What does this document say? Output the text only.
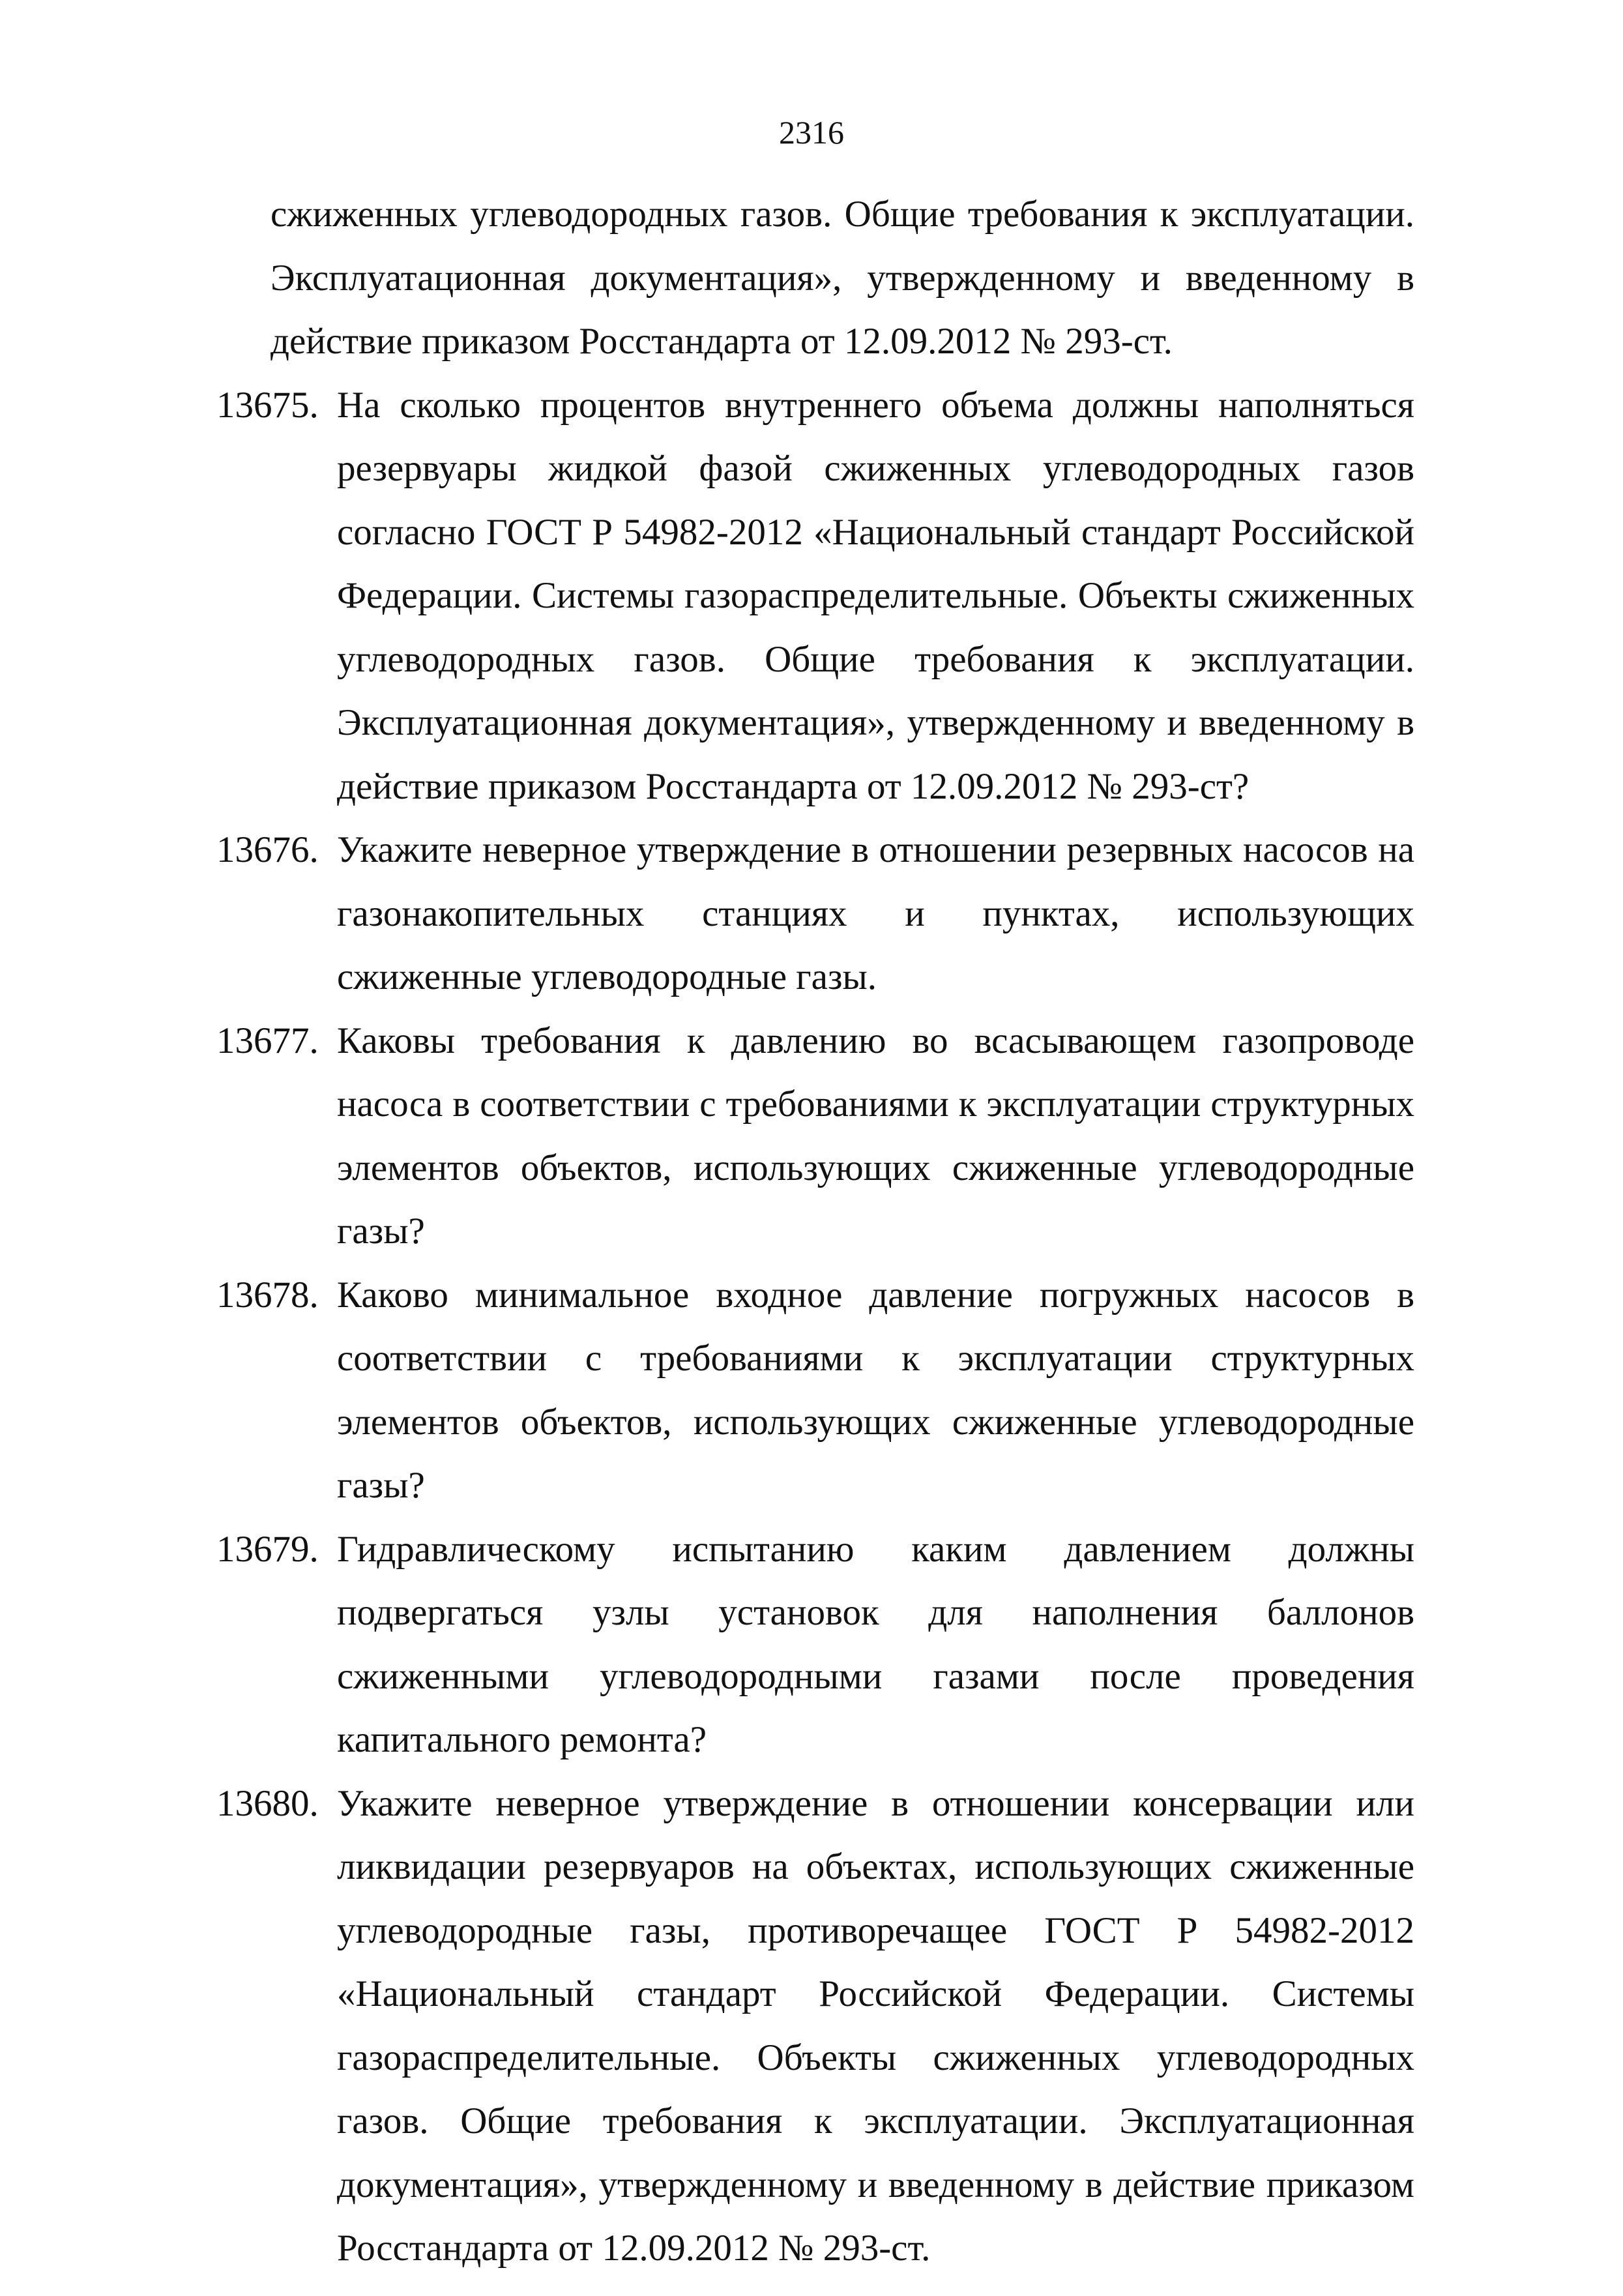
2316
сжиженных углеводородных газов. Общие требования к эксплуатации. Эксплуатационная документация», утвержденному и введенному в действие приказом Росстандарта от 12.09.2012 № 293-ст.
13675. На сколько процентов внутреннего объема должны наполняться резервуары жидкой фазой сжиженных углеводородных газов согласно ГОСТ Р 54982-2012 «Национальный стандарт Российской Федерации. Системы газораспределительные. Объекты сжиженных углеводородных газов. Общие требования к эксплуатации. Эксплуатационная документация», утвержденному и введенному в действие приказом Росстандарта от 12.09.2012 № 293-ст?
13676. Укажите неверное утверждение в отношении резервных насосов на газонакопительных станциях и пунктах, использующих сжиженные углеводородные газы.
13677. Каковы требования к давлению во всасывающем газопроводе насоса в соответствии с требованиями к эксплуатации структурных элементов объектов, использующих сжиженные углеводородные газы?
13678. Каково минимальное входное давление погружных насосов в соответствии с требованиями к эксплуатации структурных элементов объектов, использующих сжиженные углеводородные газы?
13679. Гидравлическому испытанию каким давлением должны подвергаться узлы установок для наполнения баллонов сжиженными углеводородными газами после проведения капитального ремонта?
13680. Укажите неверное утверждение в отношении консервации или ликвидации резервуаров на объектах, использующих сжиженные углеводородные газы, противоречащее ГОСТ Р 54982-2012 «Национальный стандарт Российской Федерации. Системы газораспределительные. Объекты сжиженных углеводородных газов. Общие требования к эксплуатации. Эксплуатационная документация», утвержденному и введенному в действие приказом Росстандарта от 12.09.2012 № 293-ст.
